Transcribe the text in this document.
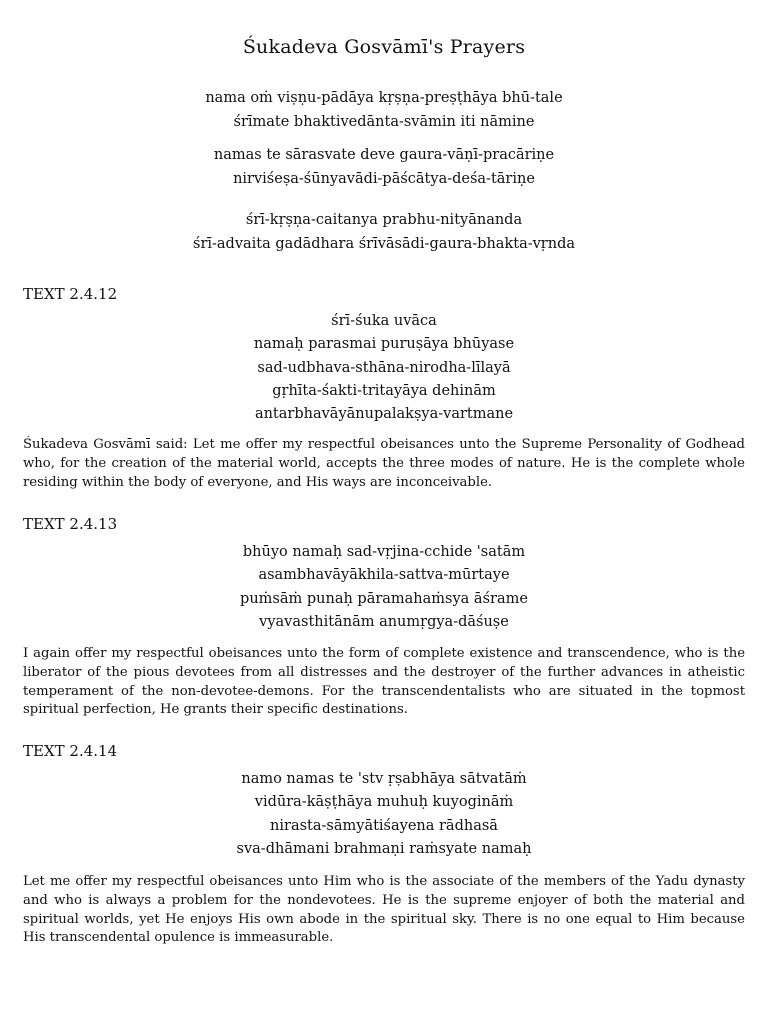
Śukadeva Gosvāmī's Prayers
nama oṁ viṣṇu-pādāya kṛṣṇa-preṣṭhāya bhū-tale
śrīmate bhaktivedānta-svāmin iti nāmine
namas te sārasvate deve gaura-vāṇī-pracāriṇe
nirviśeṣa-śūnyavādi-pāścātya-deśa-tāriṇe
śrī-kṛṣṇa-caitanya prabhu-nityānanda
śrī-advaita gadādhara śrīvāsādi-gaura-bhakta-vṛnda
TEXT 2.4.12
śrī-śuka uvāca
namaḥ parasmai puruṣāya bhūyase
sad-udbhava-sthāna-nirodha-līlayā
gṛhīta-śakti-tritayāya dehinām
antarbhavāyānupalakṣya-vartmane
Śukadeva Gosvāmī said: Let me offer my respectful obeisances unto the Supreme Personality of Godhead who, for the creation of the material world, accepts the three modes of nature. He is the complete whole residing within the body of everyone, and His ways are inconceivable.
TEXT 2.4.13
bhūyo namaḥ sad-vṛjina-cchide 'satām
asambhavāyākhila-sattva-mūrtaye
puṁsāṁ punaḥ pāramahaṁsya āśrame
vyavasthitānām anumṛgya-dāśuṣe
I again offer my respectful obeisances unto the form of complete existence and transcendence, who is the liberator of the pious devotees from all distresses and the destroyer of the further advances in atheistic temperament of the non-devotee-demons. For the transcendentalists who are situated in the topmost spiritual perfection, He grants their specific destinations.
TEXT 2.4.14
namo namas te 'stv ṛṣabhāya sātvatāṁ
vidūra-kāṣṭhāya muhuḥ kuyogināṁ
nirasta-sāmyātiśayena rādhasā
sva-dhāmani brahmaṇi raṁsyate namaḥ
Let me offer my respectful obeisances unto Him who is the associate of the members of the Yadu dynasty and who is always a problem for the nondevotees. He is the supreme enjoyer of both the material and spiritual worlds, yet He enjoys His own abode in the spiritual sky. There is no one equal to Him because His transcendental opulence is immeasurable.
